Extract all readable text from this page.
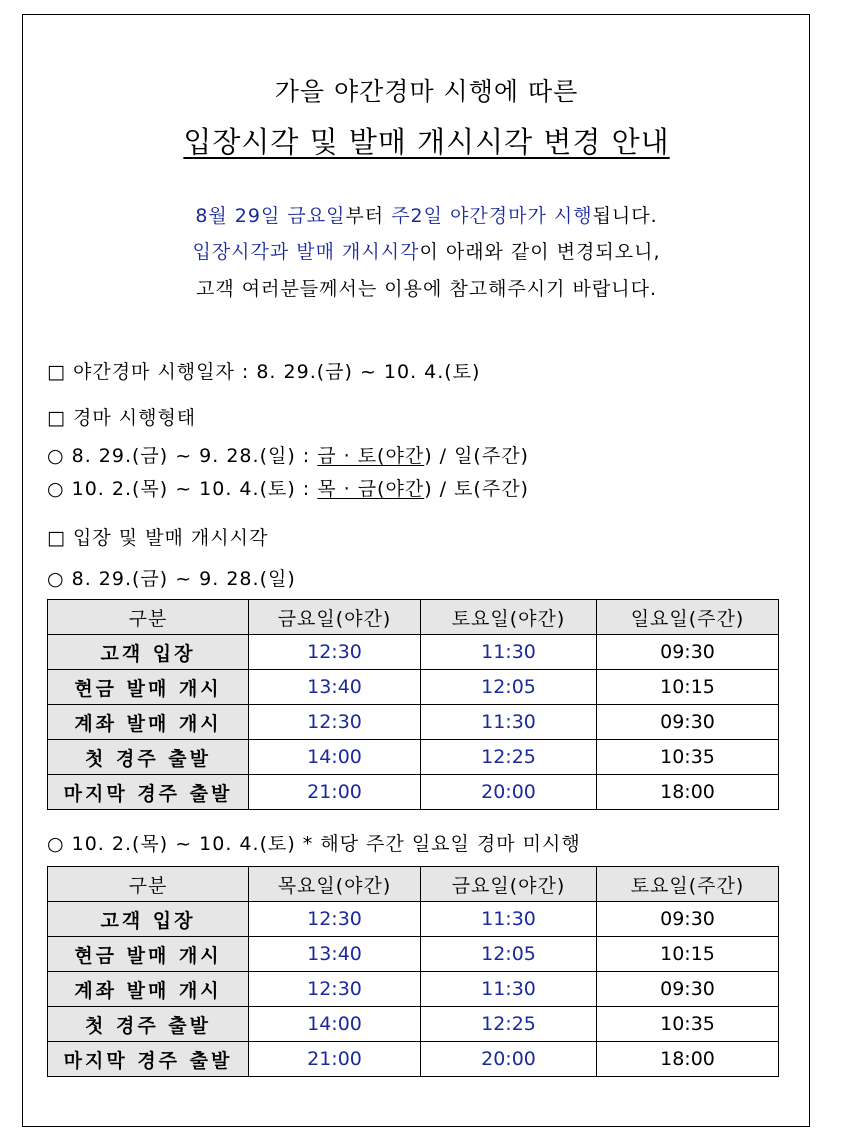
가을 야간경마 시행에 따른
입장시각 및 발매 개시시각 변경 안내
8월 29일 금요일부터 주2일 야간경마가 시행됩니다.
입장시각과 발매 개시시각이 아래와 같이 변경되오니,
고객 여러분들께서는 이용에 참고해주시기 바랍니다.
□ 야간경마 시행일자 : 8. 29.(금) ~ 10. 4.(토)
□ 경마 시행형태
○ 8. 29.(금) ~ 9. 28.(일) : 금 · 토(야간) / 일(주간)
○ 10. 2.(목) ~ 10. 4.(토) : 목 · 금(야간) / 토(주간)
□ 입장 및 발매 개시시각
○ 8. 29.(금) ~ 9. 28.(일)
구분	금요일(야간)	토요일(야간)	일요일(주간)
고객 입장	12:30	11:30	09:30
현금 발매 개시	13:40	12:05	10:15
계좌 발매 개시	12:30	11:30	09:30
첫 경주 출발	14:00	12:25	10:35
마지막 경주 출발	21:00	20:00	18:00
○ 10. 2.(목) ~ 10. 4.(토) * 해당 주간 일요일 경마 미시행
구분	목요일(야간)	금요일(야간)	토요일(주간)
고객 입장	12:30	11:30	09:30
현금 발매 개시	13:40	12:05	10:15
계좌 발매 개시	12:30	11:30	09:30
첫 경주 출발	14:00	12:25	10:35
마지막 경주 출발	21:00	20:00	18:00
